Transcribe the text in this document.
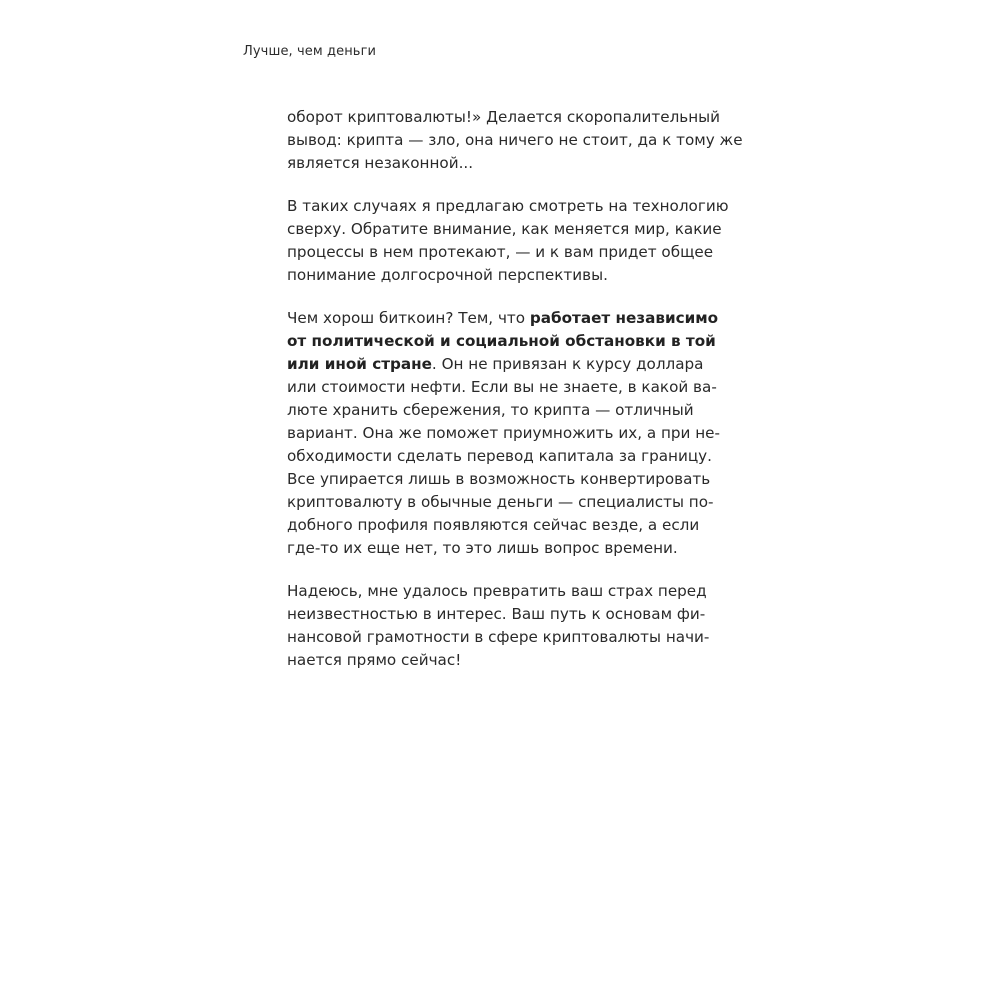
Лучше, чем деньги

оборот криптовалюты!» Делается скоропалительный
вывод: крипта — зло, она ничего не стоит, да к тому же
является незаконной...

В таких случаях я предлагаю смотреть на технологию
сверху. Обратите внимание, как меняется мир, какие
процессы в нем протекают, — и к вам придет общее
понимание долгосрочной перспективы.

Чем хорош биткоин? Тем, что работает независимо
от политической и социальной обстановки в той
или иной стране. Он не привязан к курсу доллара
или стоимости нефти. Если вы не знаете, в какой ва-
люте хранить сбережения, то крипта — отличный
вариант. Она же поможет приумножить их, а при не-
обходимости сделать перевод капитала за границу.
Все упирается лишь в возможность конвертировать
криптовалюту в обычные деньги — специалисты по-
добного профиля появляются сейчас везде, а если
где-то их еще нет, то это лишь вопрос времени.

Надеюсь, мне удалось превратить ваш страх перед
неизвестностью в интерес. Ваш путь к основам фи-
нансовой грамотности в сфере криптовалюты начи-
нается прямо сейчас!
